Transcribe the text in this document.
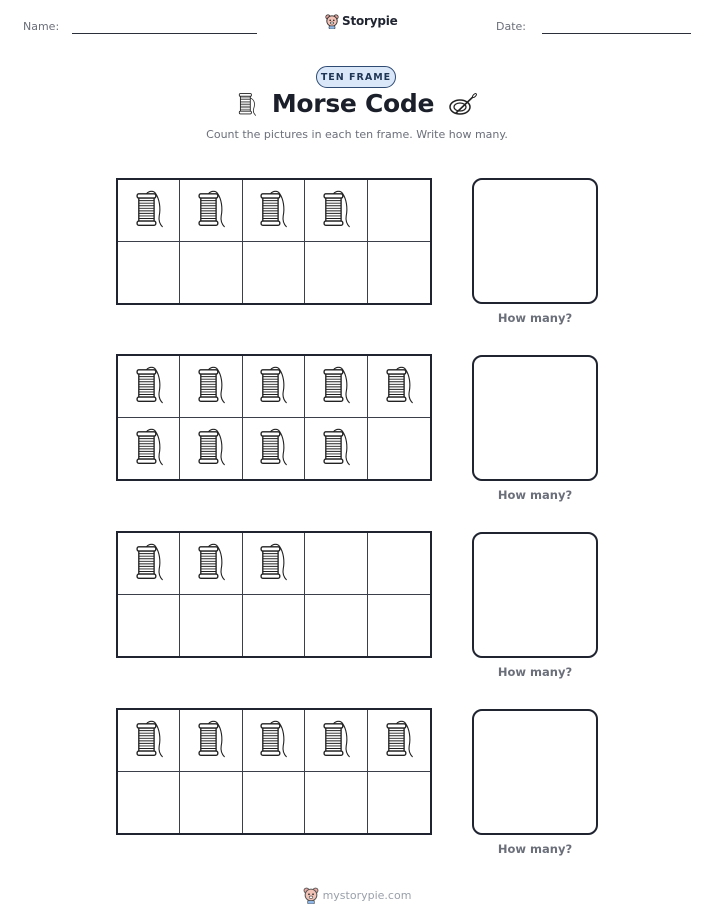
Name:	Storypie	Date:
TEN FRAME
Morse Code
Count the pictures in each ten frame. Write how many.
How many?
How many?
How many?
How many?
mystorypie.com
